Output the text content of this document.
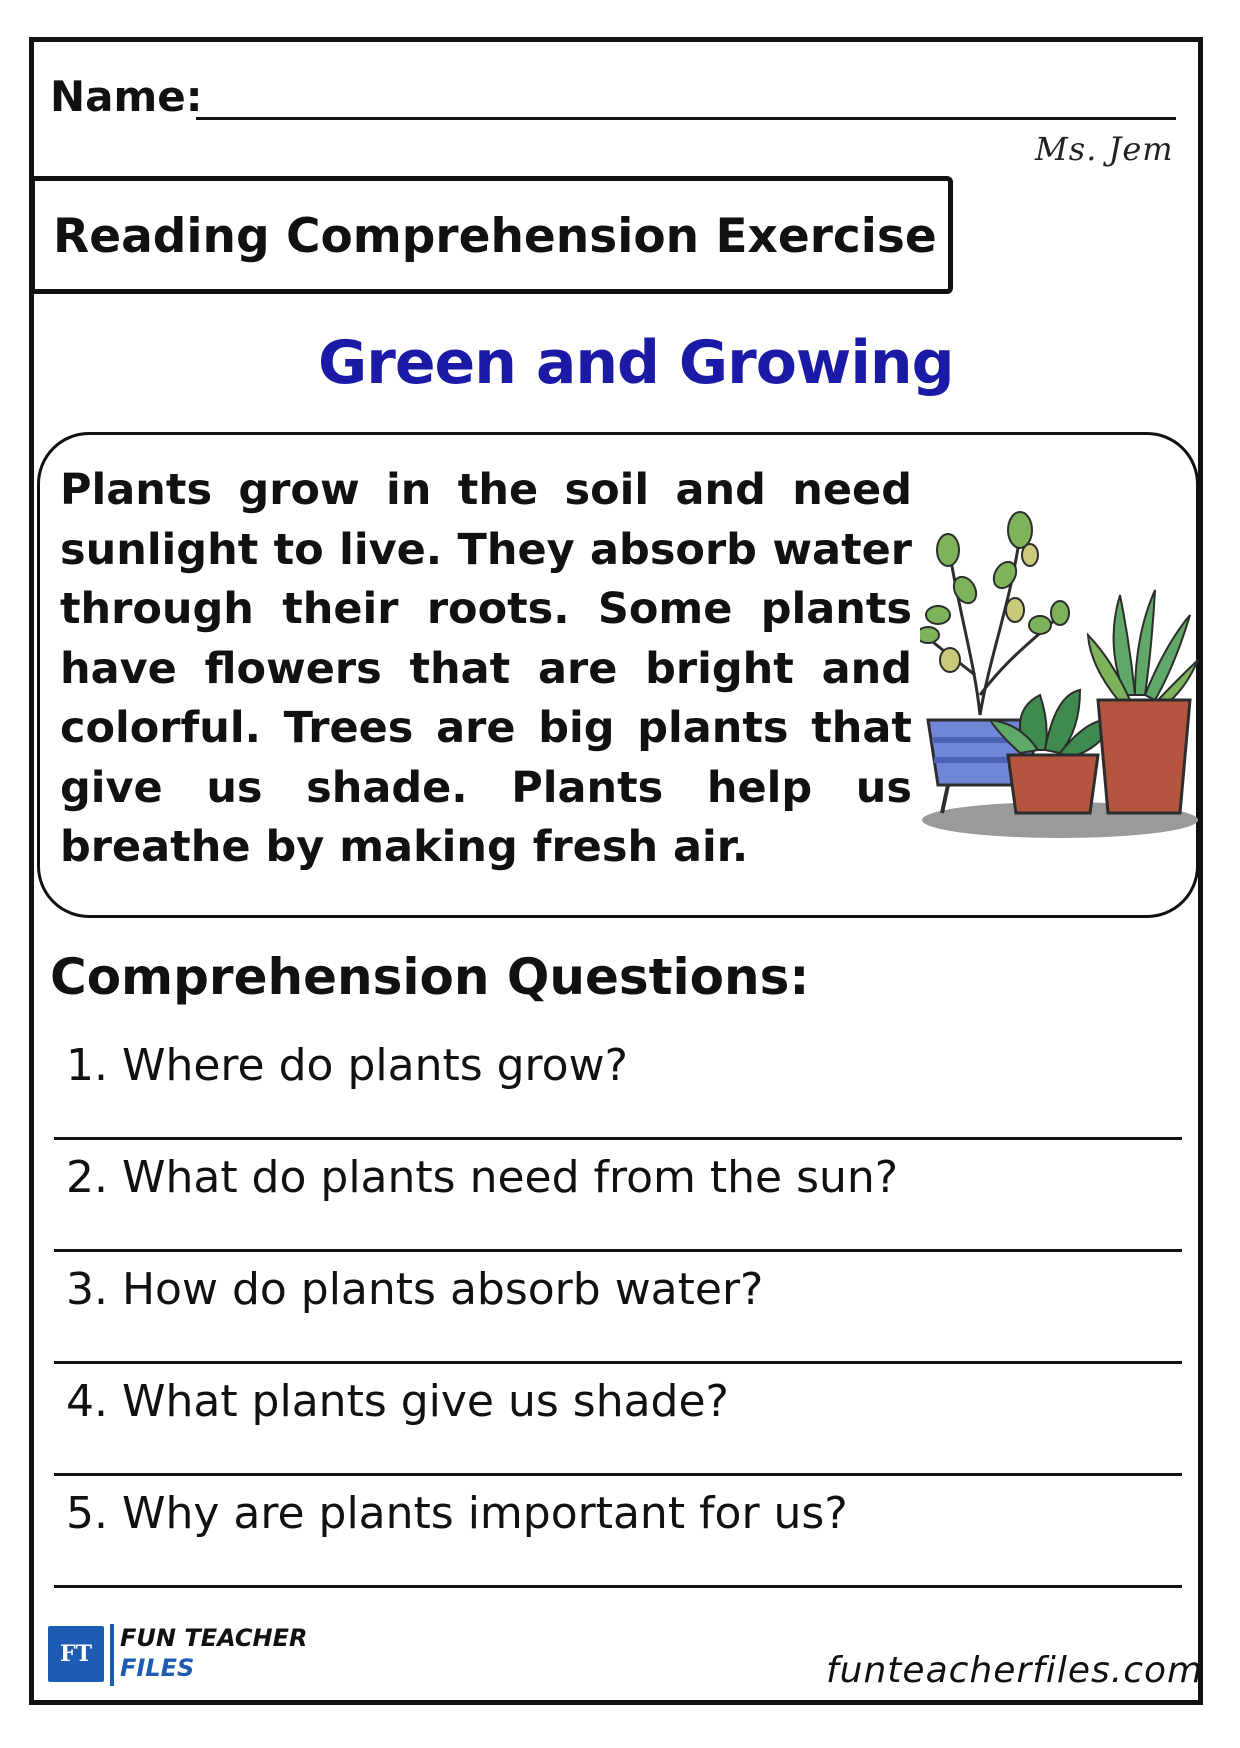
Name:
Ms. Jem
Reading Comprehension Exercise
Green and Growing

Plants grow in the soil and need sunlight to live. They absorb water through their roots. Some plants have flowers that are bright and colorful. Trees are big plants that give us shade. Plants help us breathe by making fresh air.

Comprehension Questions:
1. Where do plants grow?
2. What do plants need from the sun?
3. How do plants absorb water?
4. What plants give us shade?
5. Why are plants important for us?
FT
FUN TEACHER
FILES	funteacherfiles.com
